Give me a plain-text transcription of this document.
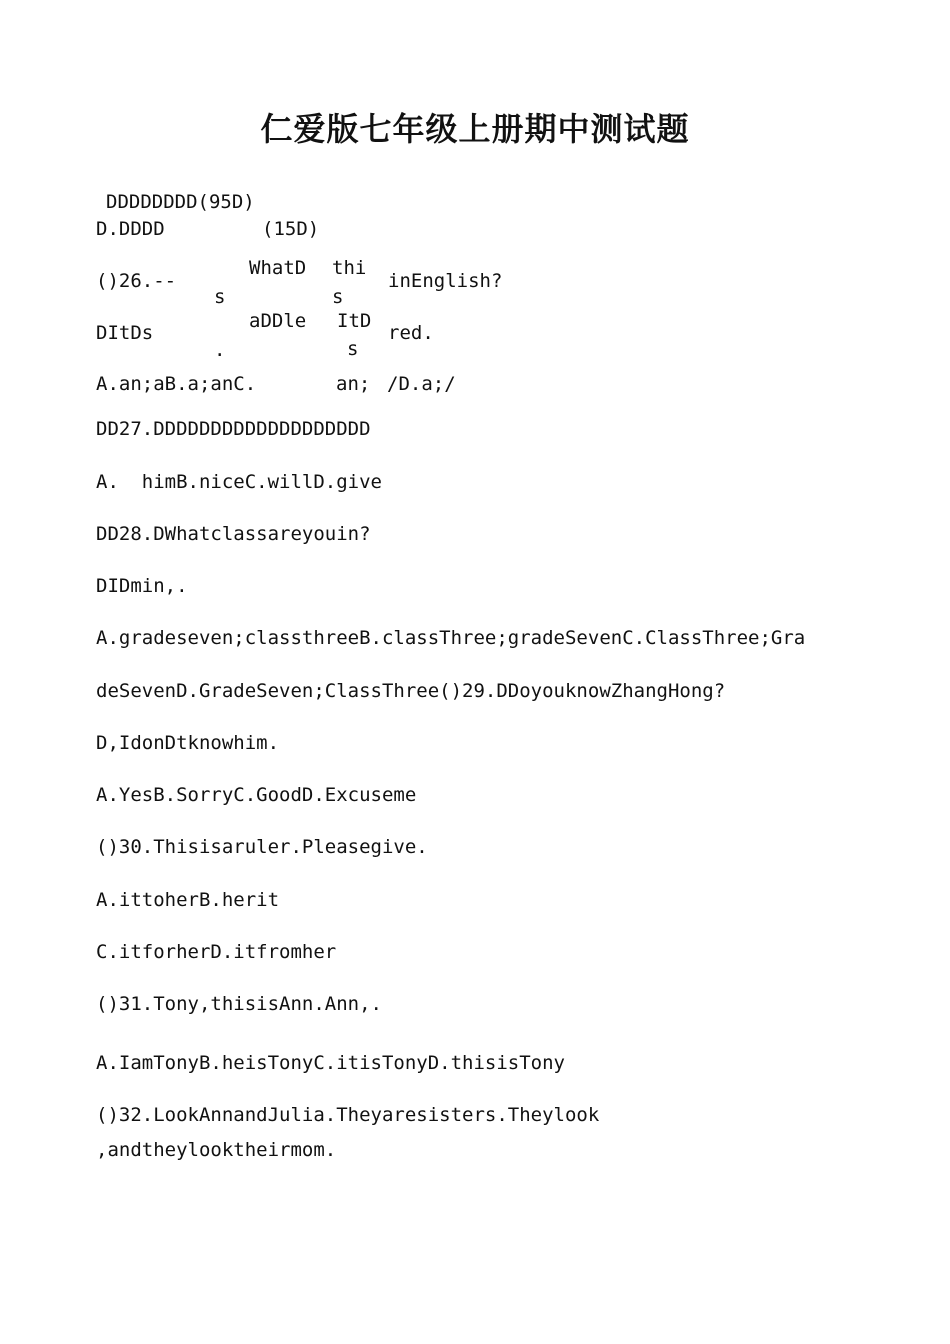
仁爱版七年级上册期中测试题
DDDDDDDD(95D)
D.DDDD	(15D)
()26.--
s
WhatD thi
s
inEnglish?
DItDs
.
aDDle ItD
s
red.
A.an;aB.a;anC.	an; /D.a;/
DD27.DDDDDDDDDDDDDDDDDDD
A.  himB.niceC.willD.give
DD28.DWhatclassareyouin?
DIDmin,.
A.gradeseven;classthreeB.classThree;gradeSevenC.ClassThree;Gra
deSevenD.GradeSeven;ClassThree()29.DDoyouknowZhangHong?
D,IdonDtknowhim.
A.YesB.SorryC.GoodD.Excuseme
()30.Thisisaruler.Pleasegive.
A.ittoherB.herit
C.itforherD.itfromher
()31.Tony,thisisAnn.Ann,.
A.IamTonyB.heisTonyC.itisTonyD.thisisTony
()32.LookAnnandJulia.Theyaresisters.Theylook
,andtheylooktheirmom.
